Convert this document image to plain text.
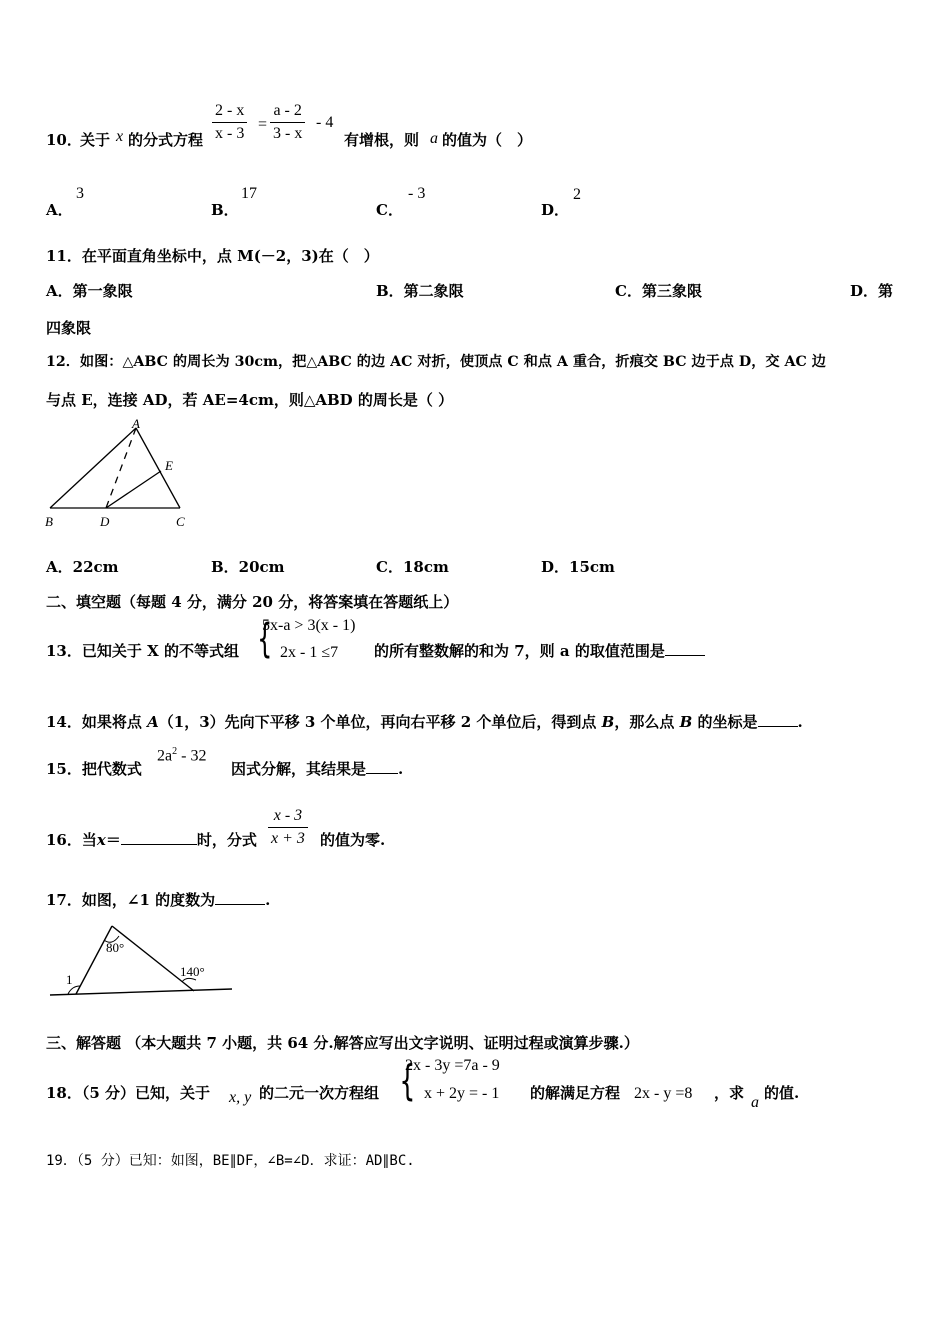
10．
关于 x 的分式方程 $\frac{2 - x}{x - 3} = \frac{a - 2}{3 - x} - 4$
有增根，则 a 的值为（　）
A．
3
B．
17
C．
- 3
D．
2
11．在平面直角坐标中，点 M(－2，3)在（　）
A．第一象限	B．第二象限	C．第三象限	D．第
四象限
12．如图：△ABC 的周长为 30cm，把△ABC 的边 AC 对折，使顶点 C 和点 A 重合，折痕交 BC 边于点 D，交 AC 边
与点 E，连接 AD，若 AE=4cm，则△ABD 的周长是（ ）
A
E
B	D	C
A．22cm	B．20cm	C．18cm	D．15cm
二、填空题（每题 4 分，满分 20 分，将答案填在答题纸上）
13．已知关于 X 的不等式组 {
5x-a > 3(x - 1)
2x - 1 ≤7 的所有整数解的和为 7，则 a 的取值范围是
14．如果将点 A（1，3）先向下平移 3 个单位，再向右平移 2 个单位后，得到点 B，那么点 B 的坐标是	.
15．把代数式
$2a^2 - 32$
因式分解，其结果是 .
16．当x＝	时，分式 $\frac{x - 3}{x + 3}$ 的值为零.
17．如图，∠1 的度数为	.
80°
140°
1
三、解答题 （本大题共 7 小题，共 64 分.解答应写出文字说明、证明过程或演算步骤.）
18．（5 分）已知，关于 x, y 的二元一次方程组 {
2x - 3y =7a - 9
x + 2y = - 1 的解满足方程 2x - y =8 ，求
a
的值.
19．（5 分）已知：如图，BE∥DF，∠B=∠D．求证：AD∥BC.
